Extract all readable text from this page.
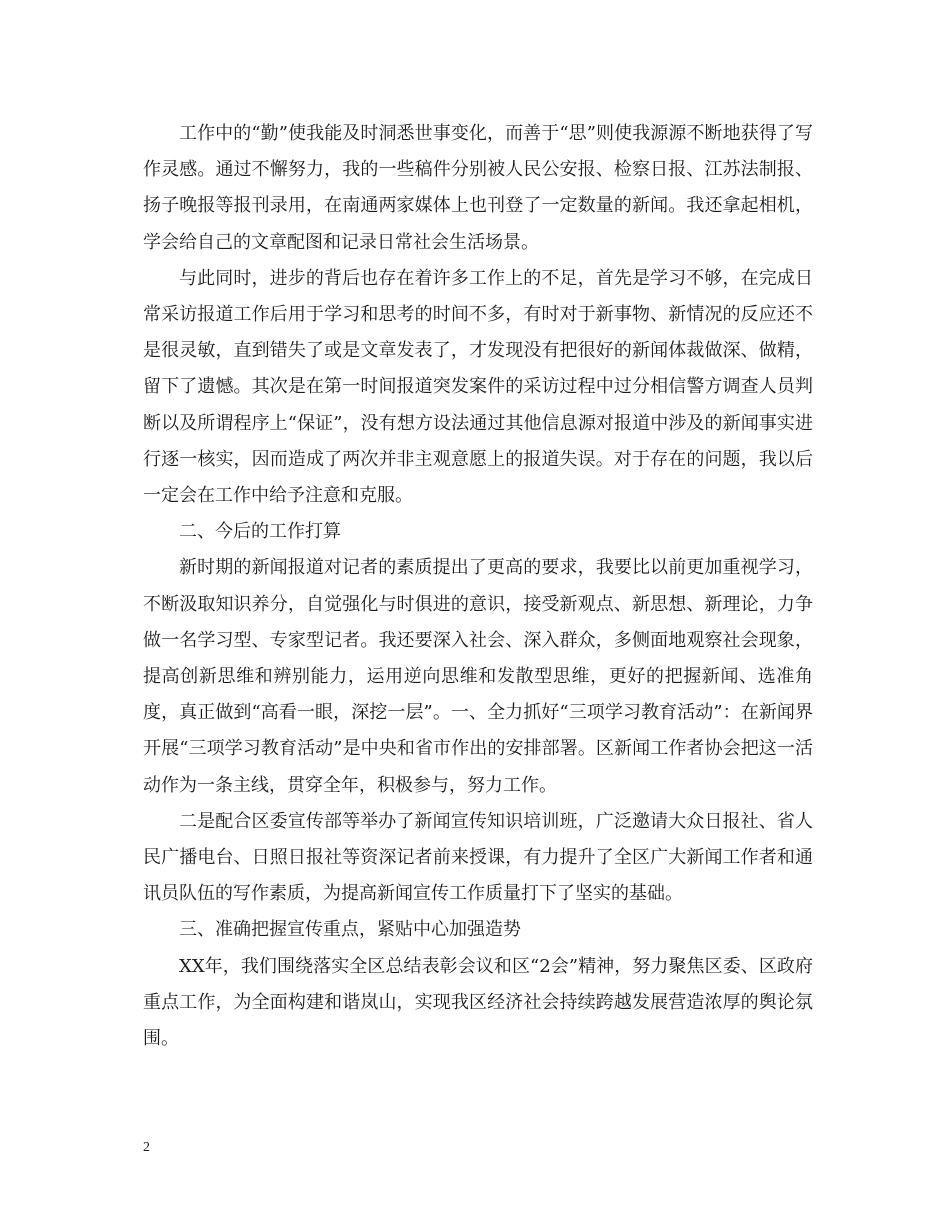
工作中的“勤”使我能及时洞悉世事变化，而善于“思”则使我源源不断地获得了写作灵感。通过不懈努力，我的一些稿件分别被人民公安报、检察日报、江苏法制报、扬子晚报等报刊录用，在南通两家媒体上也刊登了一定数量的新闻。我还拿起相机，学会给自己的文章配图和记录日常社会生活场景。

与此同时，进步的背后也存在着许多工作上的不足，首先是学习不够，在完成日常采访报道工作后用于学习和思考的时间不多，有时对于新事物、新情况的反应还不是很灵敏，直到错失了或是文章发表了，才发现没有把很好的新闻体裁做深、做精，留下了遗憾。其次是在第一时间报道突发案件的采访过程中过分相信警方调查人员判断以及所谓程序上“保证”，没有想方设法通过其他信息源对报道中涉及的新闻事实进行逐一核实，因而造成了两次并非主观意愿上的报道失误。对于存在的问题，我以后一定会在工作中给予注意和克服。

二、今后的工作打算

新时期的新闻报道对记者的素质提出了更高的要求，我要比以前更加重视学习，不断汲取知识养分，自觉强化与时俱进的意识，接受新观点、新思想、新理论，力争做一名学习型、专家型记者。我还要深入社会、深入群众，多侧面地观察社会现象，提高创新思维和辨别能力，运用逆向思维和发散型思维，更好的把握新闻、选准角度，真正做到“高看一眼，深挖一层”。一、全力抓好“三项学习教育活动”：在新闻界开展“三项学习教育活动”是中央和省市作出的安排部署。区新闻工作者协会把这一活动作为一条主线，贯穿全年，积极参与，努力工作。

二是配合区委宣传部等举办了新闻宣传知识培训班，广泛邀请大众日报社、省人民广播电台、日照日报社等资深记者前来授课，有力提升了全区广大新闻工作者和通讯员队伍的写作素质，为提高新闻宣传工作质量打下了坚实的基础。

三、准确把握宣传重点，紧贴中心加强造势

XX年，我们围绕落实全区总结表彰会议和区“2会”精神，努力聚焦区委、区政府重点工作，为全面构建和谐岚山，实现我区经济社会持续跨越发展营造浓厚的舆论氛围。

2
